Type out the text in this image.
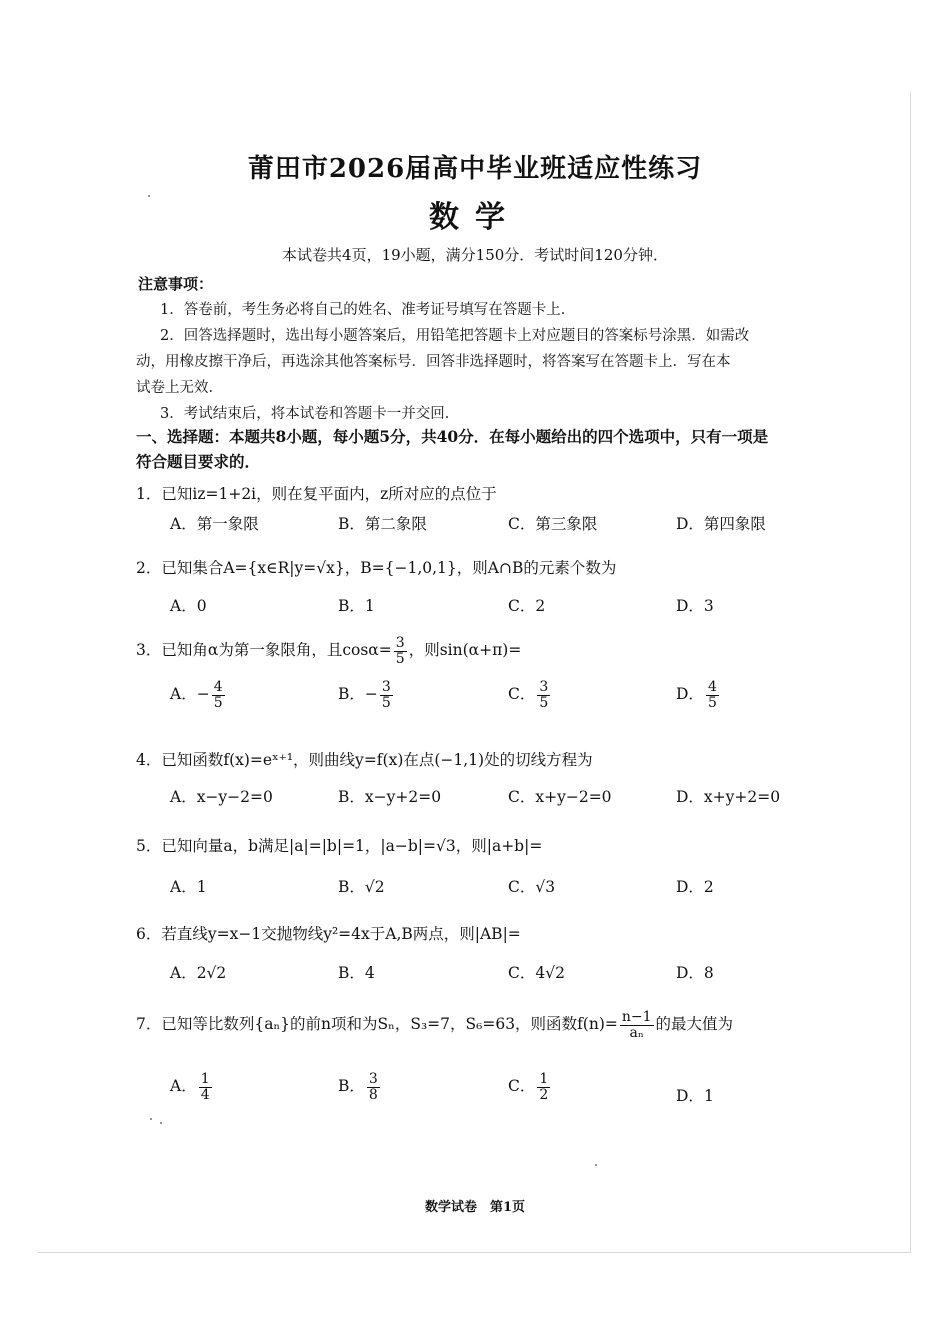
莆田市2026届高中毕业班适应性练习
数学
本试卷共4页，19小题，满分150分．考试时间120分钟．
注意事项：
1．答卷前，考生务必将自己的姓名、准考证号填写在答题卡上．
2．回答选择题时，选出每小题答案后，用铅笔把答题卡上对应题目的答案标号涂黑．如需改
动，用橡皮擦干净后，再选涂其他答案标号．回答非选择题时，将答案写在答题卡上．写在本
试卷上无效．
3．考试结束后，将本试卷和答题卡一并交回．
一、选择题：本题共8小题，每小题5分，共40分．在每小题给出的四个选项中，只有一项是
符合题目要求的．
1．已知iz=1+2i，则在复平面内，z所对应的点位于
A．第一象限	B．第二象限	C．第三象限	D．第四象限
2．已知集合A={x∈R|y=√x}，B={−1,0,1}，则A∩B的元素个数为
A．0	B．1	C．2	D．3
3．已知角α为第一象限角，且$\cos\alpha= \frac{3}{5}$ ，则sin(α+π)=
A．− $\frac{4}{5}$	B．− $\frac{3}{5}$	C． $\frac{3}{5}$	D． $\frac{4}{5}$
4．已知函数f(x)=eˣ⁺¹，则曲线y=f(x)在点(−1,1)处的切线方程为
A．x−y−2=0	B．x−y+2=0	C．x+y−2=0	D．x+y+2=0
5．已知向量a，b满足|a|=|b|=1，|a−b|=√3，则|a+b|=
A．1	B．√2	C．√3	D．2
6．若直线y=x−1交抛物线y²=4x于A,B两点，则|AB|=
A．2√2	B．4	C．4√2	D．8
7．已知等比数列{aₙ}的前n项和为Sₙ，S₃=7，S₆=63，则函数$f(n)= \frac{n-1}{\text{aₙ}}$ 的最大值为
A． $\frac{1}{4}$	B． $\frac{3}{8}$	C． $\frac{1}{2}$	D．1
数学试卷　第1页
